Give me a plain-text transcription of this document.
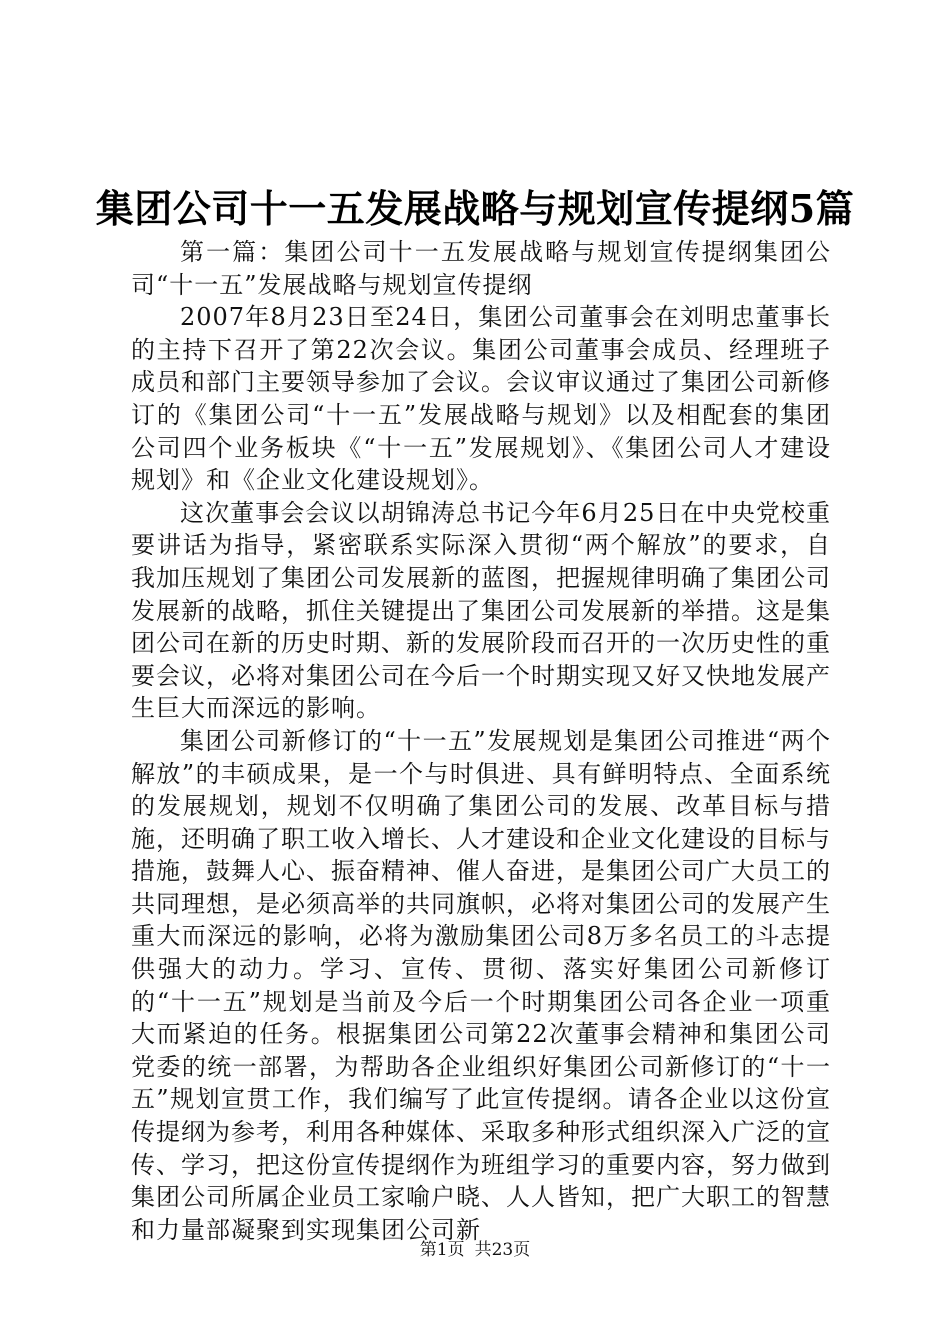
集团公司十一五发展战略与规划宣传提纲5篇

第一篇：集团公司十一五发展战略与规划宣传提纲集团公司“十一五”发展战略与规划宣传提纲

2007年8月23日至24日，集团公司董事会在刘明忠董事长的主持下召开了第22次会议。集团公司董事会成员、经理班子成员和部门主要领导参加了会议。会议审议通过了集团公司新修订的《集团公司“十一五”发展战略与规划》以及相配套的集团公司四个业务板块《“十一五”发展规划》、《集团公司人才建设规划》和《企业文化建设规划》。

这次董事会会议以胡锦涛总书记今年6月25日在中央党校重要讲话为指导，紧密联系实际深入贯彻“两个解放”的要求，自我加压规划了集团公司发展新的蓝图，把握规律明确了集团公司发展新的战略，抓住关键提出了集团公司发展新的举措。这是集团公司在新的历史时期、新的发展阶段而召开的一次历史性的重要会议，必将对集团公司在今后一个时期实现又好又快地发展产生巨大而深远的影响。

集团公司新修订的“十一五”发展规划是集团公司推进“两个解放”的丰硕成果，是一个与时俱进、具有鲜明特点、全面系统的发展规划，规划不仅明确了集团公司的发展、改革目标与措施，还明确了职工收入增长、人才建设和企业文化建设的目标与措施，鼓舞人心、振奋精神、催人奋进，是集团公司广大员工的共同理想，是必须高举的共同旗帜，必将对集团公司的发展产生重大而深远的影响，必将为激励集团公司8万多名员工的斗志提供强大的动力。学习、宣传、贯彻、落实好集团公司新修订的“十一五”规划是当前及今后一个时期集团公司各企业一项重大而紧迫的任务。根据集团公司第22次董事会精神和集团公司党委的统一部署，为帮助各企业组织好集团公司新修订的“十一五”规划宣贯工作，我们编写了此宣传提纲。请各企业以这份宣传提纲为参考，利用各种媒体、采取多种形式组织深入广泛的宣传、学习，把这份宣传提纲作为班组学习的重要内容，努力做到集团公司所属企业员工家喻户晓、人人皆知，把广大职工的智慧和力量部凝聚到实现集团公司新

第1页 共23页
